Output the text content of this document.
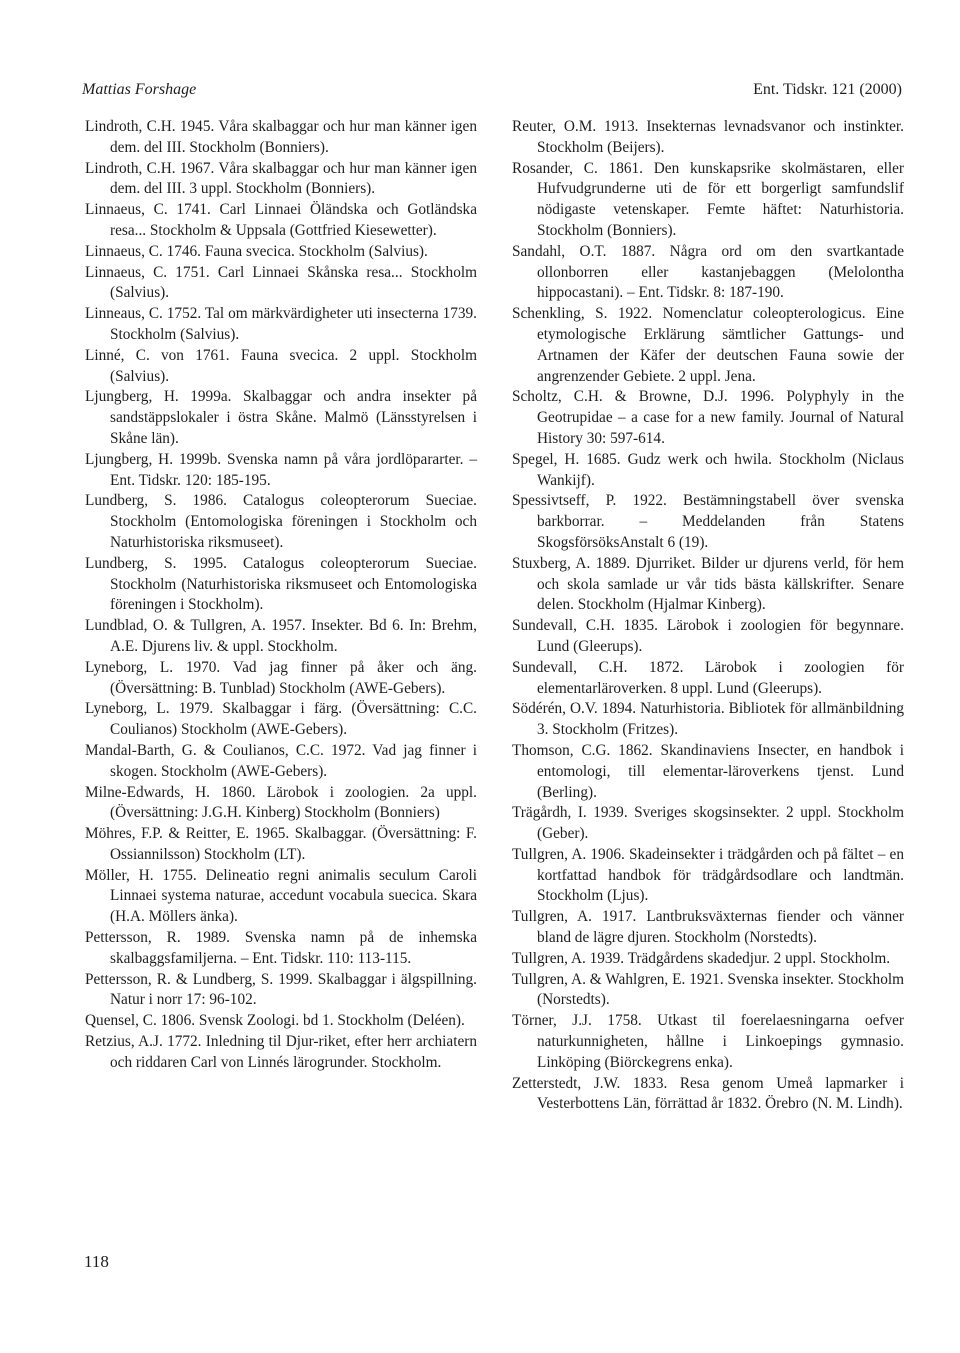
Mattias Forshage	Ent. Tidskr. 121 (2000)

Lindroth, C.H. 1945. Våra skalbaggar och hur man känner igen dem. del III. Stockholm (Bonniers).

Lindroth, C.H. 1967. Våra skalbaggar och hur man känner igen dem. del III. 3 uppl. Stockholm (Bonniers).

Linnaeus, C. 1741. Carl Linnaei Öländska och Gotländska resa... Stockholm & Uppsala (Gottfried Kiesewetter).

Linnaeus, C. 1746. Fauna svecica. Stockholm (Salvius).

Linnaeus, C. 1751. Carl Linnaei Skånska resa... Stockholm (Salvius).

Linneaus, C. 1752. Tal om märkvärdigheter uti insecterna 1739. Stockholm (Salvius).

Linné, C. von 1761. Fauna svecica. 2 uppl. Stockholm (Salvius).

Ljungberg, H. 1999a. Skalbaggar och andra insekter på sandstäppslokaler i östra Skåne. Malmö (Länsstyrelsen i Skåne län).

Ljungberg, H. 1999b. Svenska namn på våra jordlöpararter. – Ent. Tidskr. 120: 185-195.

Lundberg, S. 1986. Catalogus coleopterorum Sueciae. Stockholm (Entomologiska föreningen i Stockholm och Naturhistoriska riksmuseet).

Lundberg, S. 1995. Catalogus coleopterorum Sueciae. Stockholm (Naturhistoriska riksmuseet och Entomologiska föreningen i Stockholm).

Lundblad, O. & Tullgren, A. 1957. Insekter. Bd 6. In: Brehm, A.E. Djurens liv. & uppl. Stockholm.

Lyneborg, L. 1970. Vad jag finner på åker och äng. (Översättning: B. Tunblad) Stockholm (AWE-Gebers).

Lyneborg, L. 1979. Skalbaggar i färg. (Översättning: C.C. Coulianos) Stockholm (AWE-Gebers).

Mandal-Barth, G. & Coulianos, C.C. 1972. Vad jag finner i skogen. Stockholm (AWE-Gebers).

Milne-Edwards, H. 1860. Lärobok i zoologien. 2a uppl. (Översättning: J.G.H. Kinberg) Stockholm (Bonniers)

Möhres, F.P. & Reitter, E. 1965. Skalbaggar. (Översättning: F. Ossiannilsson) Stockholm (LT).

Möller, H. 1755. Delineatio regni animalis seculum Caroli Linnaei systema naturae, accedunt vocabula suecica. Skara (H.A. Möllers änka).

Pettersson, R. 1989. Svenska namn på de inhemska skalbaggsfamiljerna. – Ent. Tidskr. 110: 113-115.

Pettersson, R. & Lundberg, S. 1999. Skalbaggar i älgspillning. Natur i norr 17: 96-102.

Quensel, C. 1806. Svensk Zoologi. bd 1. Stockholm (Deléen).

Retzius, A.J. 1772. Inledning til Djur-riket, efter herr archiatern och riddaren Carl von Linnés lärogrunder. Stockholm.

Reuter, O.M. 1913. Insekternas levnadsvanor och instinkter. Stockholm (Beijers).

Rosander, C. 1861. Den kunskapsrike skolmästaren, eller Hufvudgrunderne uti de för ett borgerligt samfundslif nödigaste vetenskaper. Femte häftet: Naturhistoria. Stockholm (Bonniers).

Sandahl, O.T. 1887. Några ord om den svartkantade ollonborren eller kastanjebaggen (Melolontha hippocastani). – Ent. Tidskr. 8: 187-190.

Schenkling, S. 1922. Nomenclatur coleopterologicus. Eine etymologische Erklärung sämtlicher Gattungs- und Artnamen der Käfer der deutschen Fauna sowie der angrenzender Gebiete. 2 uppl. Jena.

Scholtz, C.H. & Browne, D.J. 1996. Polyphyly in the Geotrupidae – a case for a new family. Journal of Natural History 30: 597-614.

Spegel, H. 1685. Gudz werk och hwila. Stockholm (Niclaus Wankijf).

Spessivtseff, P. 1922. Bestämningstabell över svenska barkborrar. – Meddelanden från Statens SkogsförsöksAnstalt 6 (19).

Stuxberg, A. 1889. Djurriket. Bilder ur djurens verld, för hem och skola samlade ur vår tids bästa källskrifter. Senare delen. Stockholm (Hjalmar Kinberg).

Sundevall, C.H. 1835. Lärobok i zoologien för begynnare. Lund (Gleerups).

Sundevall, C.H. 1872. Lärobok i zoologien för elementarläroverken. 8 uppl. Lund (Gleerups).

Södérén, O.V. 1894. Naturhistoria. Bibliotek för allmänbildning 3. Stockholm (Fritzes).

Thomson, C.G. 1862. Skandinaviens Insecter, en handbok i entomologi, till elementar-läroverkens tjenst. Lund (Berling).

Trägårdh, I. 1939. Sveriges skogsinsekter. 2 uppl. Stockholm (Geber).

Tullgren, A. 1906. Skadeinsekter i trädgården och på fältet – en kortfattad handbok för trädgårdsodlare och landtmän. Stockholm (Ljus).

Tullgren, A. 1917. Lantbruksväxternas fiender och vänner bland de lägre djuren. Stockholm (Norstedts).

Tullgren, A. 1939. Trädgårdens skadedjur. 2 uppl. Stockholm.

Tullgren, A. & Wahlgren, E. 1921. Svenska insekter. Stockholm (Norstedts).

Törner, J.J. 1758. Utkast til foerelaesningarna oefver naturkunnigheten, hållne i Linkoepings gymnasio. Linköping (Biörckegrens enka).

Zetterstedt, J.W. 1833. Resa genom Umeå lapmarker i Vesterbottens Län, förrättad år 1832. Örebro (N. M. Lindh).

118
